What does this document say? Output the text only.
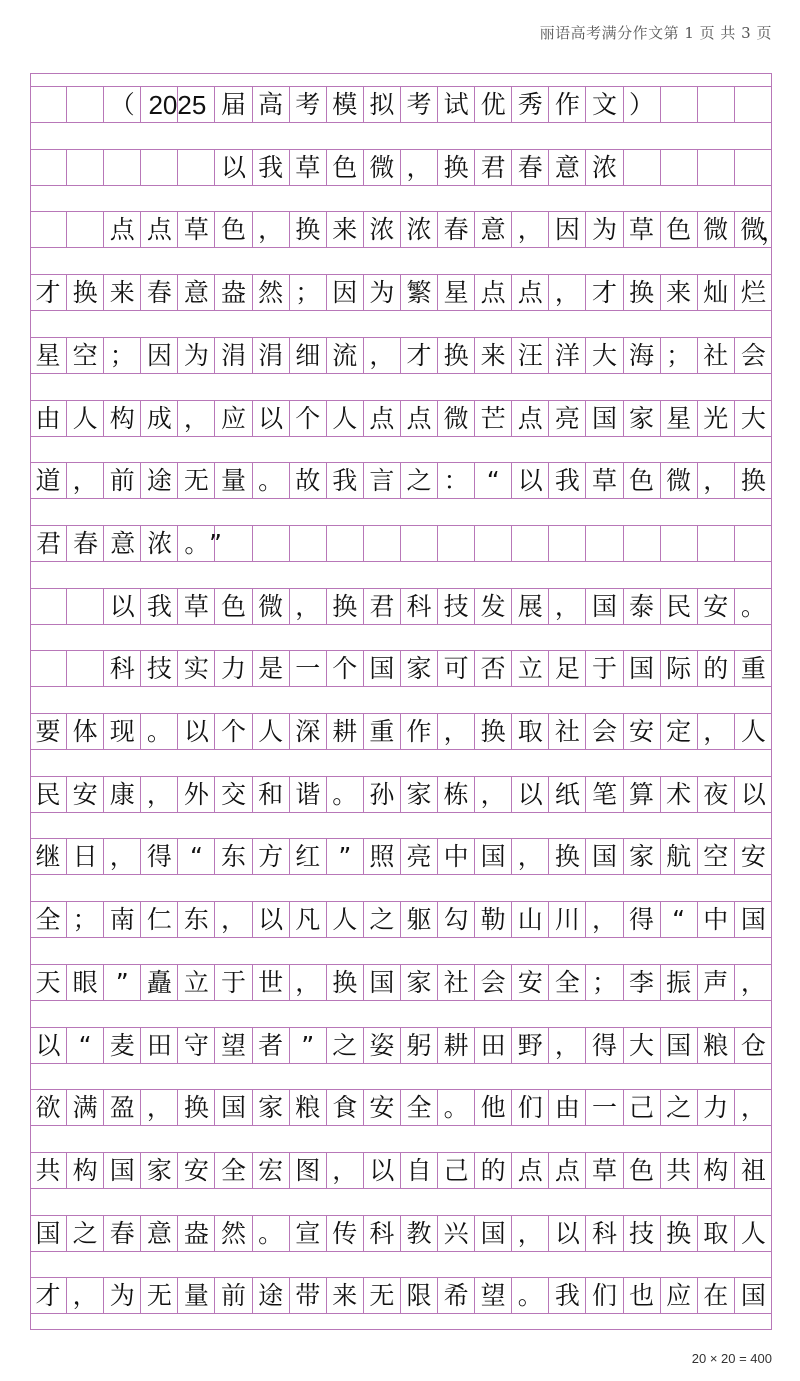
丽语高考满分作文第 1 页 共 3 页

（ 2025 届 高 考 模 拟 考 试 优 秀 作 文 ）

以 我 草 色 微 ， 换 君 春 意 浓

点 点 草 色 ， 换 来 浓 浓 春 意 ， 因 为 草 色 微 微
，
才 换 来 春 意 盎 然 ； 因 为 繁 星 点 点 ， 才 换 来 灿 烂
星 空 ； 因 为 涓 涓 细 流 ， 才 换 来 汪 洋 大 海 ； 社 会
由 人 构 成 ， 应 以 个 人 点 点 微 芒 点 亮 国 家 星 光 大
道 ， 前 途 无 量 。 故 我 言 之 ： “ 以 我 草 色 微 ， 换
君春意浓。”　　　　　　　　　　　　　　

以 我 草 色 微 ， 换 君 科 技 发 展 ， 国 泰 民 安 。

科 技 实 力 是 一 个 国 家 可 否 立 足 于 国 际 的 重
要 体 现 。 以 个 人 深 耕 重 作 ， 换 取 社 会 安 定 ， 人
民 安 康 ， 外 交 和 谐 。 孙 家 栋 ， 以 纸 笔 算 术 夜 以
继 日 ， 得 “ 东 方 红 ” 照 亮 中 国 ， 换 国 家 航 空 安
全 ； 南 仁 东 ， 以 凡 人 之 躯 勾 勒 山 川 ， 得 “ 中 国
天 眼 ” 矗 立 于 世 ， 换 国 家 社 会 安 全 ； 李 振 声 ，
以 “ 麦 田 守 望 者 ” 之 姿 躬 耕 田 野 ， 得 大 国 粮 仓
欲 满 盈 ， 换 国 家 粮 食 安 全 。 他 们 由 一 己 之 力 ，
共 构 国 家 安 全 宏 图 ， 以 自 己 的 点 点 草 色 共 构 祖
国 之 春 意 盎 然 。 宣 传 科 教 兴 国 ， 以 科 技 换 取 人
才 ， 为 无 量 前 途 带 来 无 限 希 望 。 我 们 也 应 在 国
20 × 20 = 400
